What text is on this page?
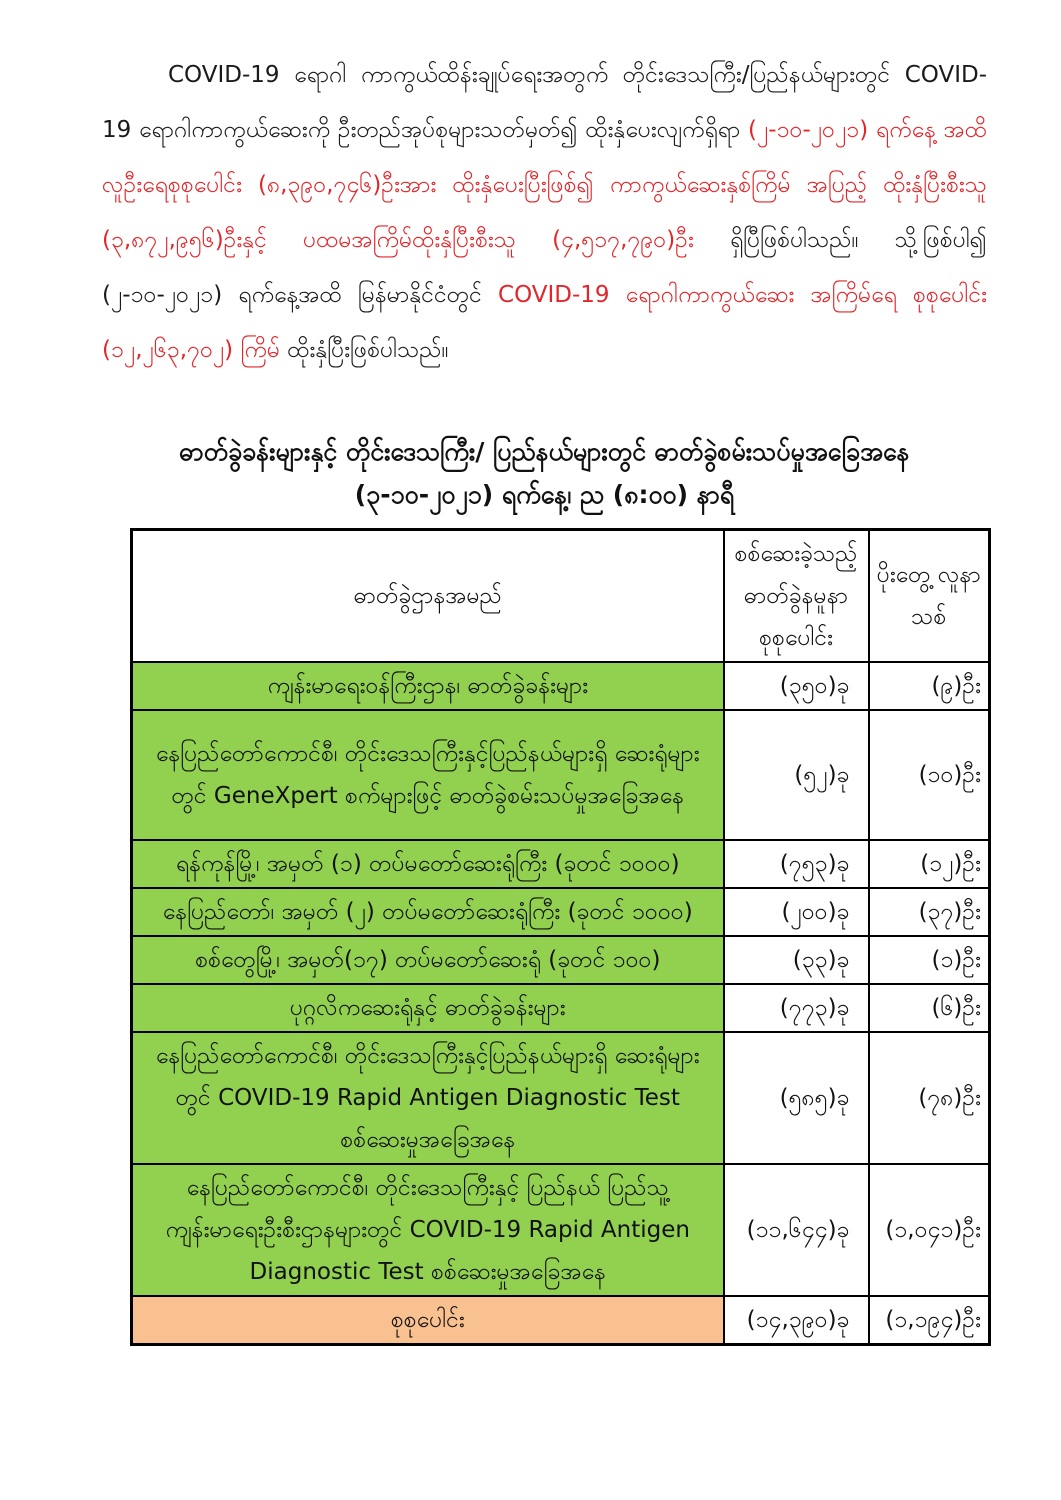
COVID-19 ရောဂါ ကာကွယ်ထိန်းချုပ်ရေးအတွက် တိုင်းဒေသကြီး/ပြည်နယ်များတွင် COVID-19 ရောဂါကာကွယ်ဆေးကို ဦးတည်အုပ်စုများသတ်မှတ်၍ ထိုးနှံပေးလျက်ရှိရာ (၂-၁၀-၂၀၂၁) ရက်နေ့ အထိ လူဦးရေစုစုပေါင်း (၈,၃၉၀,၇၄၆)ဦးအား ထိုးနှံပေးပြီးဖြစ်၍ ကာကွယ်ဆေးနှစ်ကြိမ် အပြည့် ထိုးနှံပြီးစီးသူ (၃,၈၇၂,၉၅၆)ဦးနှင့် ပထမအကြိမ်ထိုးနှံပြီးစီးသူ (၄,၅၁၇,၇၉၀)ဦး ရှိပြီဖြစ်ပါသည်။ သို့ဖြစ်ပါ၍ (၂-၁၀-၂၀၂၁) ရက်နေ့အထိ မြန်မာနိုင်ငံတွင် COVID-19 ရောဂါကာကွယ်ဆေး အကြိမ်ရေ စုစုပေါင်း (၁၂,၂၆၃,၇၀၂) ကြိမ် ထိုးနှံပြီးဖြစ်ပါသည်။

ဓာတ်ခွဲခန်းများနှင့် တိုင်းဒေသကြီး/ ပြည်နယ်များတွင် ဓာတ်ခွဲစမ်းသပ်မှုအခြေအနေ
(၃-၁၀-၂၀၂၁) ရက်နေ့၊ ည (၈:၀၀) နာရီ
ဓာတ်ခွဲဌာနအမည်	စစ်ဆေးခဲ့သည့် ဓာတ်ခွဲနမူနာ စုစုပေါင်း	ပိုးတွေ့ လူနာသစ်
ကျန်းမာရေးဝန်ကြီးဌာန၊ ဓာတ်ခွဲခန်းများ	(၃၅၀)ခု	(၉)ဦး
နေပြည်တော်ကောင်စီ၊ တိုင်းဒေသကြီးနှင့်ပြည်နယ်များရှိ ဆေးရုံများတွင် GeneXpert စက်များဖြင့် ဓာတ်ခွဲစမ်းသပ်မှုအခြေအနေ	(၅၂)ခု	(၁၀)ဦး
ရန်ကုန်မြို့၊ အမှတ် (၁) တပ်မတော်ဆေးရုံကြီး (ခုတင် ၁၀၀၀)	(၇၅၃)ခု	(၁၂)ဦး
နေပြည်တော်၊ အမှတ် (၂) တပ်မတော်ဆေးရုံကြီး (ခုတင် ၁၀၀၀)	(၂၀၀)ခု	(၃၇)ဦး
စစ်တွေမြို့၊ အမှတ်(၁၇) တပ်မတော်ဆေးရုံ (ခုတင် ၁၀၀)	(၃၃)ခု	(၁)ဦး
ပုဂ္ဂလိကဆေးရုံနှင့် ဓာတ်ခွဲခန်းများ	(၇၇၃)ခု	(၆)ဦး
နေပြည်တော်ကောင်စီ၊ တိုင်းဒေသကြီးနှင့်ပြည်နယ်များရှိ ဆေးရုံများတွင် COVID-19 Rapid Antigen Diagnostic Test စစ်ဆေးမှုအခြေအနေ	(၅၈၅)ခု	(၇၈)ဦး
နေပြည်တော်ကောင်စီ၊ တိုင်းဒေသကြီးနှင့် ပြည်နယ် ပြည်သူ့ကျန်းမာရေးဦးစီးဌာနများတွင် COVID-19 Rapid Antigen Diagnostic Test စစ်ဆေးမှုအခြေအနေ	(၁၁,၆၄၄)ခု	(၁,၀၄၁)ဦး
စုစုပေါင်း	(၁၄,၃၉၀)ခု	(၁,၁၉၄)ဦး
